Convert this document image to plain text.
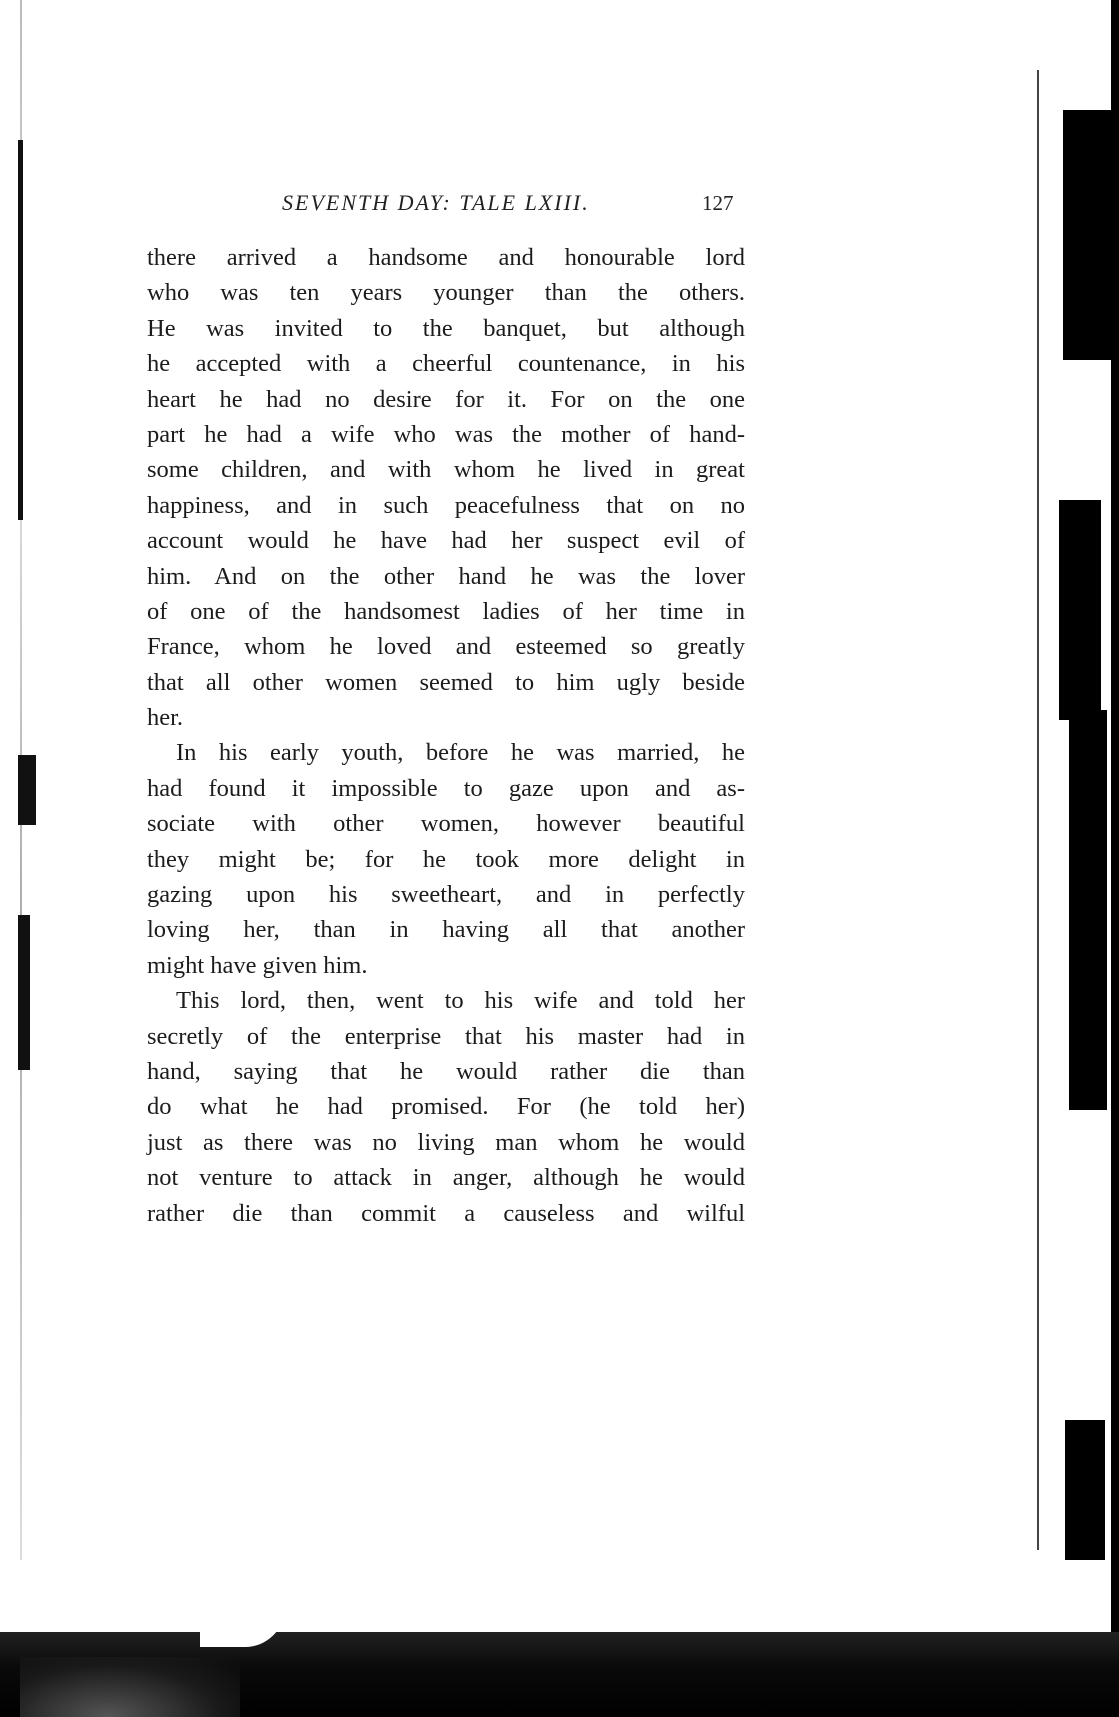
SEVENTH DAY: TALE LXIII.	127
there arrived a handsome and honourable lord
who was ten years younger than the others.
He was invited to the banquet, but although
he accepted with a cheerful countenance, in his
heart he had no desire for it. For on the one
part he had a wife who was the mother of hand-
some children, and with whom he lived in great
happiness, and in such peacefulness that on no
account would he have had her suspect evil of
him. And on the other hand he was the lover
of one of the handsomest ladies of her time in
France, whom he loved and esteemed so greatly
that all other women seemed to him ugly beside
her.
In his early youth, before he was married, he
had found it impossible to gaze upon and as-
sociate with other women, however beautiful
they might be; for he took more delight in
gazing upon his sweetheart, and in perfectly
loving her, than in having all that another
might have given him.
This lord, then, went to his wife and told her
secretly of the enterprise that his master had in
hand, saying that he would rather die than
do what he had promised. For (he told her)
just as there was no living man whom he would
not venture to attack in anger, although he would
rather die than commit a causeless and wilful
